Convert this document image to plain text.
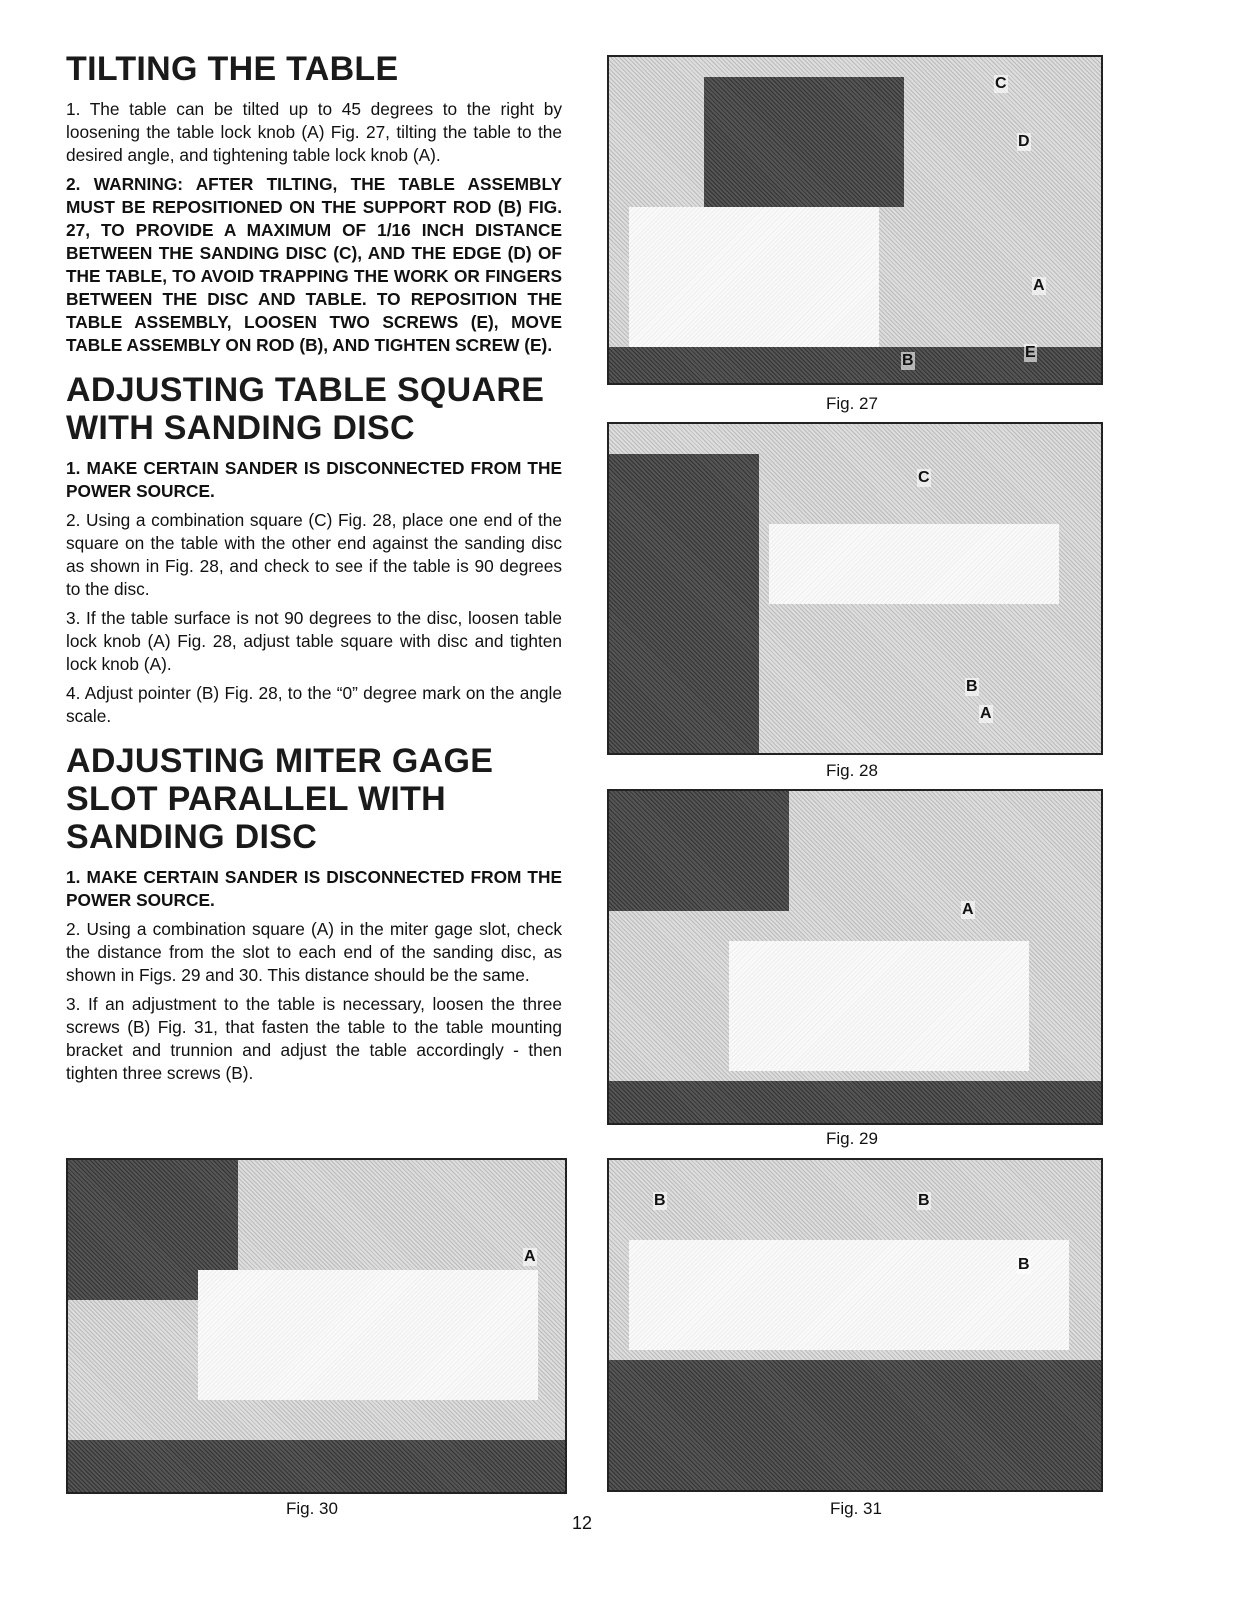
TILTING THE TABLE

1. The table can be tilted up to 45 degrees to the right by loosening the table lock knob (A) Fig. 27, tilting the table to the desired angle, and tightening table lock knob (A).

2. WARNING: AFTER TILTING, THE TABLE ASSEMBLY MUST BE REPOSITIONED ON THE SUPPORT ROD (B) FIG. 27, TO PROVIDE A MAXIMUM OF 1/16 INCH DISTANCE BETWEEN THE SANDING DISC (C), AND THE EDGE (D) OF THE TABLE, TO AVOID TRAPPING THE WORK OR FINGERS BETWEEN THE DISC AND TABLE. TO REPOSITION THE TABLE ASSEMBLY, LOOSEN TWO SCREWS (E), MOVE TABLE ASSEMBLY ON ROD (B), AND TIGHTEN SCREW (E).

ADJUSTING TABLE SQUARE WITH SANDING DISC

1. MAKE CERTAIN SANDER IS DISCONNECTED FROM THE POWER SOURCE.

2. Using a combination square (C) Fig. 28, place one end of the square on the table with the other end against the sanding disc as shown in Fig. 28, and check to see if the table is 90 degrees to the disc.

3. If the table surface is not 90 degrees to the disc, loosen table lock knob (A) Fig. 28, adjust table square with disc and tighten lock knob (A).

4. Adjust pointer (B) Fig. 28, to the “0” degree mark on the angle scale.

ADJUSTING MITER GAGE SLOT PARALLEL WITH SANDING DISC

1. MAKE CERTAIN SANDER IS DISCONNECTED FROM THE POWER SOURCE.

2. Using a combination square (A) in the miter gage slot, check the distance from the slot to each end of the sanding disc, as shown in Figs. 29 and 30. This distance should be the same.

3. If an adjustment to the table is necessary, loosen the three screws (B) Fig. 31, that fasten the table to the table mounting bracket and trunnion and adjust the table accordingly - then tighten three screws (B).

C
D
A
B	E
Fig. 27
C
B
A
Fig. 28
A
Fig. 29
A
Fig. 30
B	B
B
Fig. 31
12
